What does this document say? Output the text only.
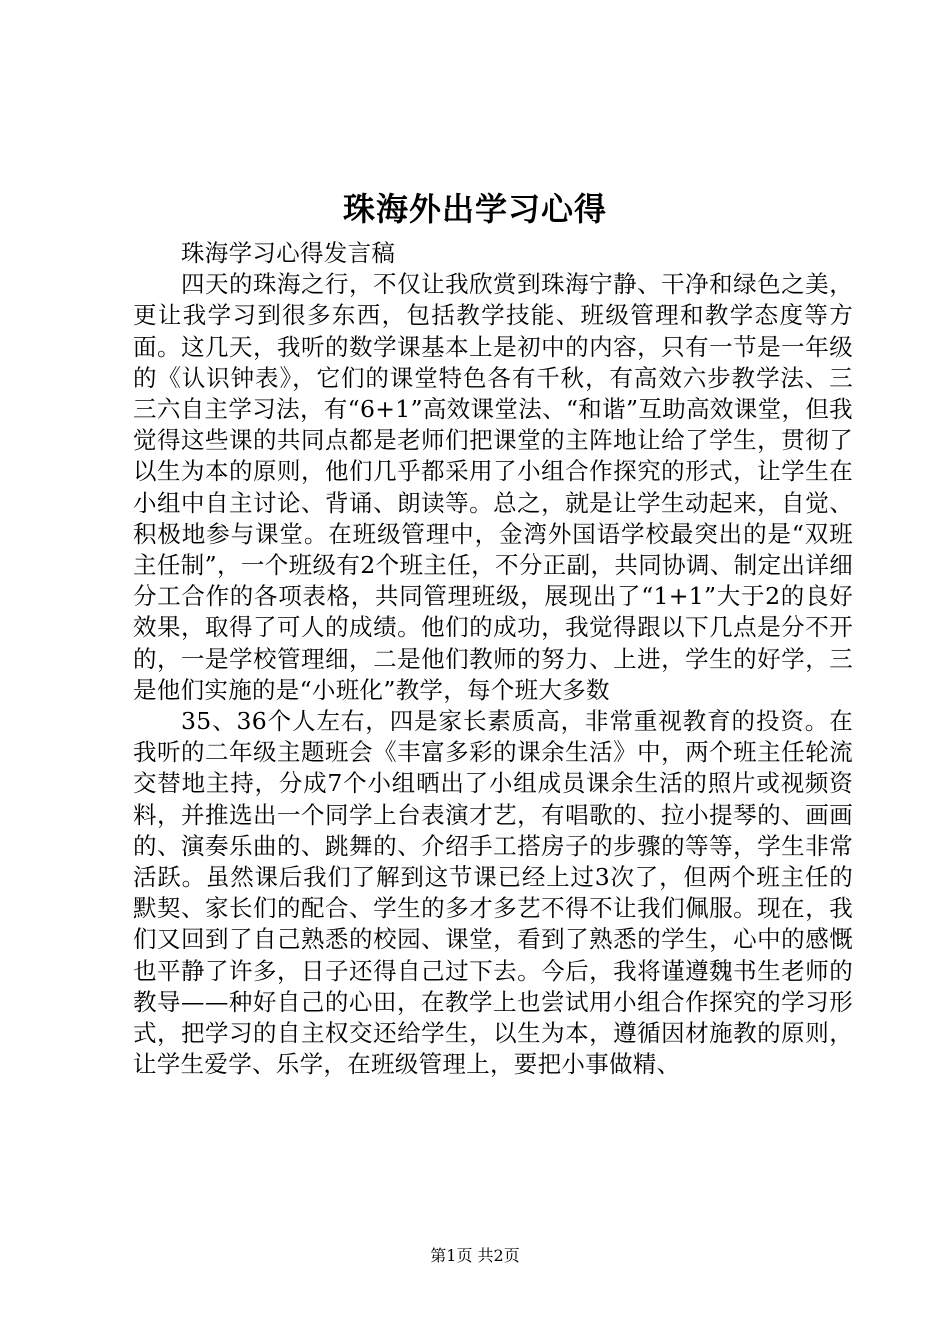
珠海外出学习心得

珠海学习心得发言稿

四天的珠海之行，不仅让我欣赏到珠海宁静、干净和绿色之美，更让我学习到很多东西，包括教学技能、班级管理和教学态度等方面。这几天，我听的数学课基本上是初中的内容，只有一节是一年级的《认识钟表》，它们的课堂特色各有千秋，有高效六步教学法、三三六自主学习法，有“6+1”高效课堂法、“和谐”互助高效课堂，但我觉得这些课的共同点都是老师们把课堂的主阵地让给了学生，贯彻了以生为本的原则，他们几乎都采用了小组合作探究的形式，让学生在小组中自主讨论、背诵、朗读等。总之，就是让学生动起来，自觉、积极地参与课堂。在班级管理中，金湾外国语学校最突出的是“双班主任制”，一个班级有2个班主任，不分正副，共同协调、制定出详细分工合作的各项表格，共同管理班级，展现出了“1+1”大于2的良好效果，取得了可人的成绩。他们的成功，我觉得跟以下几点是分不开的，一是学校管理细，二是他们教师的努力、上进，学生的好学，三是他们实施的是“小班化”教学，每个班大多数

35、36个人左右，四是家长素质高，非常重视教育的投资。在我听的二年级主题班会《丰富多彩的课余生活》中，两个班主任轮流交替地主持，分成7个小组晒出了小组成员课余生活的照片或视频资料，并推选出一个同学上台表演才艺，有唱歌的、拉小提琴的、画画的、演奏乐曲的、跳舞的、介绍手工搭房子的步骤的等等，学生非常活跃。虽然课后我们了解到这节课已经上过3次了，但两个班主任的默契、家长们的配合、学生的多才多艺不得不让我们佩服。现在，我们又回到了自己熟悉的校园、课堂，看到了熟悉的学生，心中的感慨也平静了许多，日子还得自己过下去。今后，我将谨遵魏书生老师的教导——种好自己的心田，在教学上也尝试用小组合作探究的学习形式，把学习的自主权交还给学生，以生为本，遵循因材施教的原则，让学生爱学、乐学，在班级管理上，要把小事做精、

第1页 共2页
